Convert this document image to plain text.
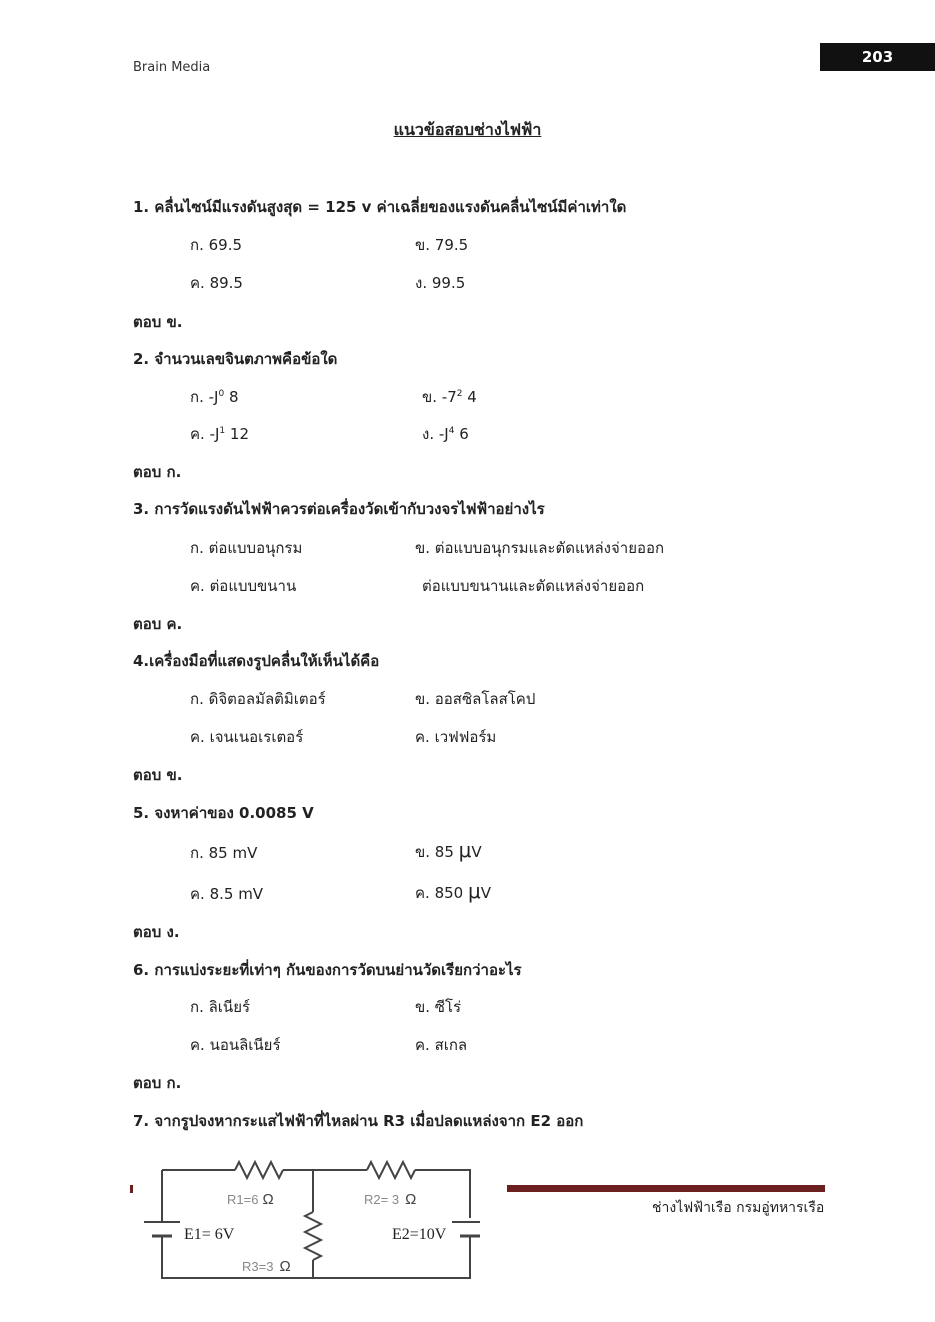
Brain Media
203
แนวข้อสอบช่างไฟฟ้า
1. คลื่นไซน์มีแรงดันสูงสุด = 125 v ค่าเฉลี่ยของแรงดันคลื่นไซน์มีค่าเท่าใด
ก. 69.5	ข. 79.5
ค. 89.5	ง. 99.5
ตอบ ข.
2. จำนวนเลขจินตภาพคือข้อใด
ก. $-J^0$ 8	ข. $-7^2$ 4
ค. $-J^1$ 12	ง. $-J^4$ 6
ตอบ ก.
3. การวัดแรงดันไฟฟ้าควรต่อเครื่องวัดเข้ากับวงจรไฟฟ้าอย่างไร
ก. ต่อแบบอนุกรม	ข. ต่อแบบอนุกรมและตัดแหล่งจ่ายออก
ค. ต่อแบบขนาน	ต่อแบบขนานและตัดแหล่งจ่ายออก
ตอบ ค.
4.เครื่องมือที่แสดงรูปคลื่นให้เห็นได้คือ
ก. ดิจิตอลมัลติมิเตอร์	ข. ออสซิลโลสโคป
ค. เจนเนอเรเตอร์	ค. เวฟฟอร์ม
ตอบ ข.
5. จงหาค่าของ 0.0085 V
ก. 85 mV	ข. 85 μV
ค. 8.5 mV	ค. 850 μV
ตอบ ง.
6. การแบ่งระยะที่เท่าๆ กันของการวัดบนย่านวัดเรียกว่าอะไร
ก. ลิเนียร์	ข. ซีโร่
ค. นอนลิเนียร์	ค. สเกล
ตอบ ก.
7. จากรูปจงหากระแสไฟฟ้าที่ไหลผ่าน R3 เมื่อปลดแหล่งจาก E2 ออก
R1=6 Ω	R2= 3 Ω
R3=3 Ω
E1= 6V	E2=10V
ช่างไฟฟ้าเรือ กรมอู่ทหารเรือ
